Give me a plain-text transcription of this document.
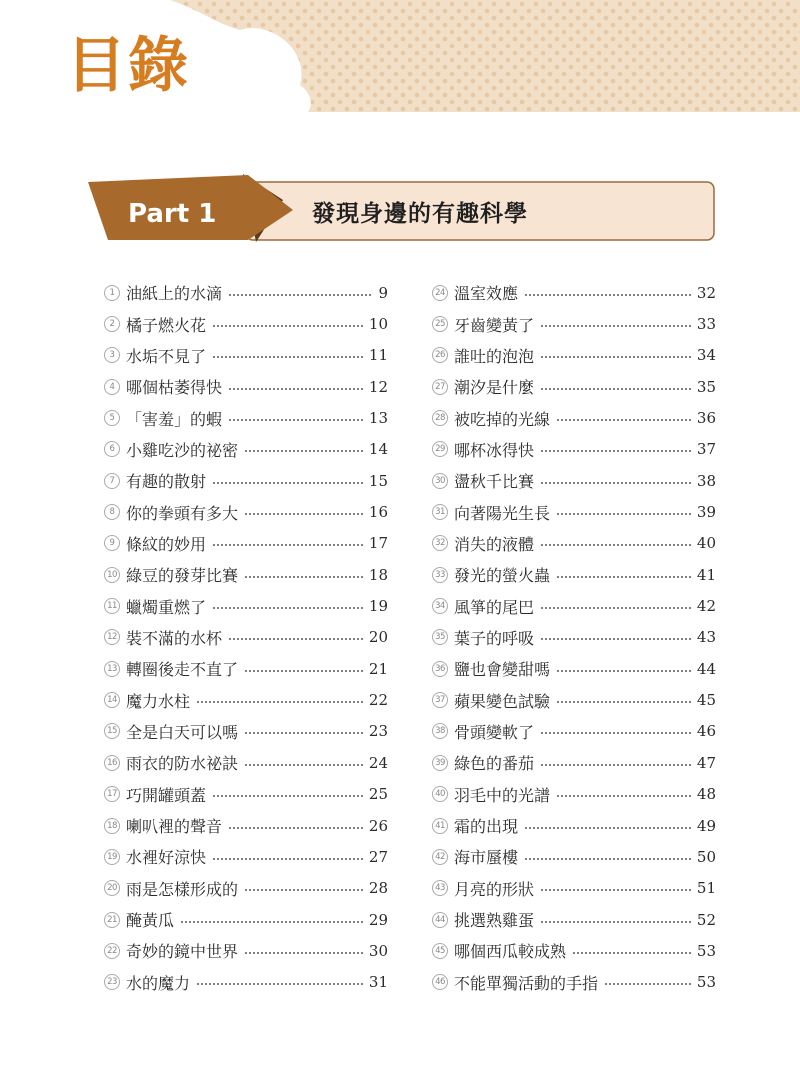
目錄
Part 1	發現身邊的有趣科學
1 油紙上的水滴	9
2 橘子燃火花	10
3 水垢不見了	11
4 哪個枯萎得快	12
5 「害羞」的蝦	13
6 小雞吃沙的祕密	14
7 有趣的散射	15
8 你的拳頭有多大	16
9 條紋的妙用	17
10 綠豆的發芽比賽	18
11 蠟燭重燃了	19
12 裝不滿的水杯	20
13 轉圈後走不直了	21
14 魔力水柱	22
15 全是白天可以嗎	23
16 雨衣的防水祕訣	24
17 巧開罐頭蓋	25
18 喇叭裡的聲音	26
19 水裡好涼快	27
20 雨是怎樣形成的	28
21 醃黃瓜	29
22 奇妙的鏡中世界	30
23 水的魔力	31
24 溫室效應	32
25 牙齒變黃了	33
26 誰吐的泡泡	34
27 潮汐是什麼	35
28 被吃掉的光線	36
29 哪杯冰得快	37
30 盪秋千比賽	38
31 向著陽光生長	39
32 消失的液體	40
33 發光的螢火蟲	41
34 風箏的尾巴	42
35 葉子的呼吸	43
36 鹽也會變甜嗎	44
37 蘋果變色試驗	45
38 骨頭變軟了	46
39 綠色的番茄	47
40 羽毛中的光譜	48
41 霜的出現	49
42 海市蜃樓	50
43 月亮的形狀	51
44 挑選熟雞蛋	52
45 哪個西瓜較成熟	53
46 不能單獨活動的手指	53
